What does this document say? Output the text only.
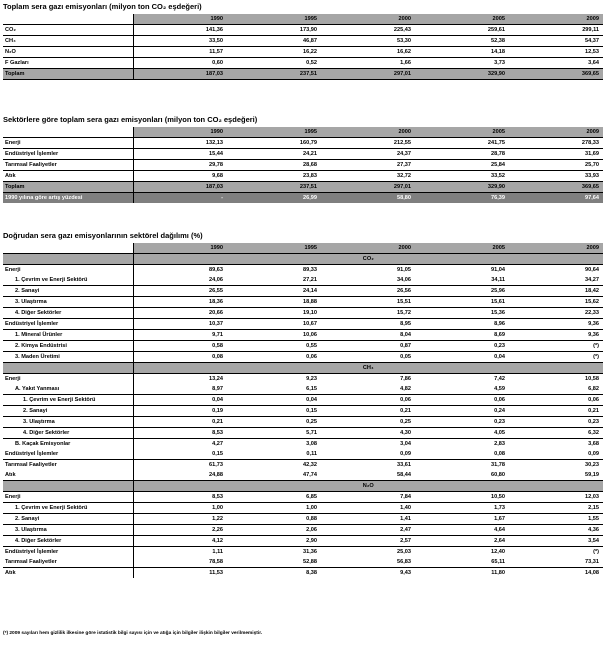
Toplam sera gazı emisyonları (milyon ton CO₂ eşdeğeri)
	1990	1995	2000	2005	2009
CO₂	141,36	173,90	225,43	259,61	299,11
CH₄	33,50	46,87	53,30	52,38	54,37
N₂O	11,57	16,22	16,62	14,18	12,53
F Gazları	0,60	0,52	1,66	3,73	3,64
Toplam	187,03	237,51	297,01	329,90	369,65
Sektörlere göre toplam sera gazı emisyonları (milyon ton CO₂ eşdeğeri)
	1990	1995	2000	2005	2009
Enerji	132,13	160,79	212,55	241,75	278,33
Endüstriyel İşlemler	15,44	24,21	24,37	28,78	31,69
Tarımsal Faaliyetler	29,78	28,68	27,37	25,84	25,70
Atık	9,68	23,83	32,72	33,52	33,93
Toplam	187,03	237,51	297,01	329,90	369,65
1990 yılına göre artış yüzdesi	-	26,99	58,80	76,39	97,64
Doğrudan sera gazı emisyonlarının sektörel dağılımı (%)
	1990	1995	2000	2005	2009
	CO₂				
Enerji	89,63	89,33	91,05	91,04	90,64
1. Çevrim ve Enerji Sektörü	24,06	27,21	34,06	34,11	34,27
2. Sanayi	26,55	24,14	26,56	25,96	18,42
3. Ulaştırma	18,36	18,88	15,51	15,61	15,62
4. Diğer Sektörler	20,66	19,10	15,72	15,36	22,33
Endüstriyel İşlemler	10,37	10,67	8,95	8,96	9,36
1. Mineral Ürünler	9,71	10,06	8,04	8,69	9,36
2. Kimya Endüstrisi	0,58	0,55	0,87	0,23	(*)
3. Maden Üretimi	0,08	0,06	0,05	0,04	(*)
	CH₄				
Enerji	13,24	9,23	7,86	7,42	10,58
A. Yakıt Yanması	8,97	6,15	4,82	4,59	6,82
1. Çevrim ve Enerji Sektörü	0,04	0,04	0,06	0,06	0,06
2. Sanayi	0,19	0,15	0,21	0,24	0,21
3. Ulaştırma	0,21	0,25	0,25	0,23	0,23
4. Diğer Sektörler	8,53	5,71	4,30	4,05	6,32
B. Kaçak Emisyonlar	4,27	3,08	3,04	2,83	3,68
Endüstriyel İşlemler	0,15	0,11	0,09	0,08	0,09
Tarımsal Faaliyetler	61,73	42,32	33,61	31,78	30,23
Atık	24,88	47,74	58,44	60,80	59,19
	N₂O				
Enerji	8,53	6,85	7,84	10,50	12,03
1. Çevrim ve Enerji Sektörü	1,00	1,00	1,40	1,73	2,15
2. Sanayi	1,22	0,88	1,41	1,67	1,55
3. Ulaştırma	2,26	2,06	2,47	4,64	4,36
4. Diğer Sektörler	4,12	2,90	2,57	2,64	3,54
Endüstriyel İşlemler	1,11	31,36	25,03	12,40	(*)
Tarımsal Faaliyetler	78,58	52,88	56,83	65,11	73,31
Atık	11,53	8,38	9,43	11,80	14,08
(*) 2009 sayıları hem gizlilik ilkesine göre istatistik bilgi sayısı için ve atığa için bilgiler ilişkin bilgiler verilmemiştir.
